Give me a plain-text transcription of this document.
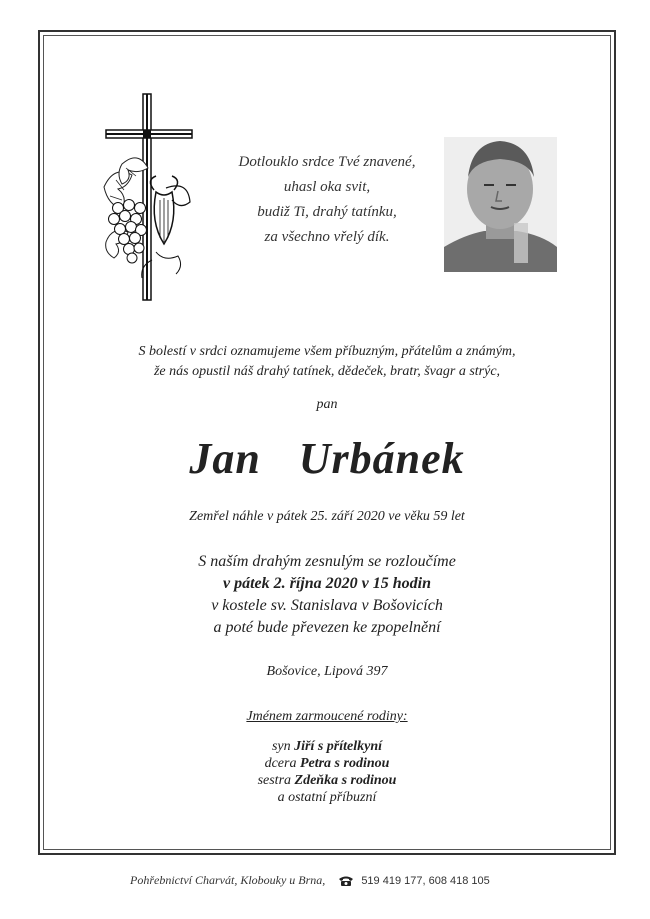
Dotlouklo srdce Tvé znavené,
uhasl oka svit,
budiž Ti, drahý tatínku,
za všechno vřelý dík.
S bolestí v srdci oznamujeme všem příbuzným, přátelům a známým,
že nás opustil náš drahý tatínek, dědeček, bratr, švagr a strýc,
pan
Jan Urbánek
Zemřel náhle v pátek 25. září 2020 ve věku 59 let
S naším drahým zesnulým se rozloučíme
v pátek 2. října 2020 v 15 hodin
v kostele sv. Stanislava v Bošovicích
a poté bude převezen ke zpopelnění
Bošovice, Lipová 397
Jménem zarmoucené rodiny:
syn Jiří s přítelkyní
dcera Petra s rodinou
sestra Zdeňka s rodinou
a ostatní příbuzní
Pohřebnictví Charvát, Klobouky u Brna,	519 419 177, 608 418 105
